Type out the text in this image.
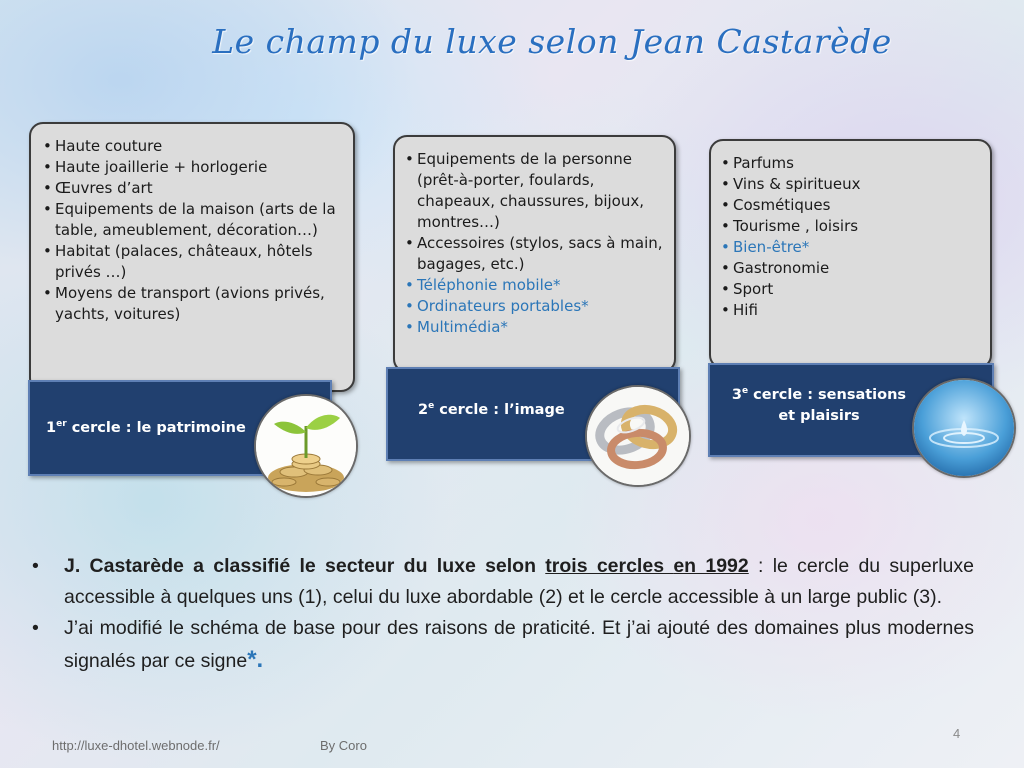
Le champ du luxe selon Jean Castarède
• Haute couture
• Haute joaillerie + horlogerie
• Œuvres d’art
• Equipements de la maison (arts de la table, ameublement, décoration…)
• Habitat (palaces, châteaux, hôtels privés …)
• Moyens de transport (avions privés, yachts, voitures)
1er cercle : le patrimoine
• Equipements de la personne (prêt-à-porter, foulards, chapeaux, chaussures, bijoux, montres…)
• Accessoires (stylos, sacs à main, bagages, etc.)
• Téléphonie mobile*
• Ordinateurs portables*
• Multimédia*
2e cercle : l’image
• Parfums
• Vins & spiritueux
• Cosmétiques
• Tourisme , loisirs
• Bien-être*
• Gastronomie
• Sport
• Hifi
3e cercle : sensations et plaisirs
• J. Castarède a classifié le secteur du luxe selon trois cercles en 1992 : le cercle du superluxe accessible à quelques uns (1), celui du luxe abordable (2) et le cercle accessible à un large public (3).
• J’ai modifié le schéma de base pour des raisons de praticité. Et j’ai ajouté des domaines plus modernes signalés par ce signe*.
http://luxe-dhotel.webnode.fr/	By Coro
4
